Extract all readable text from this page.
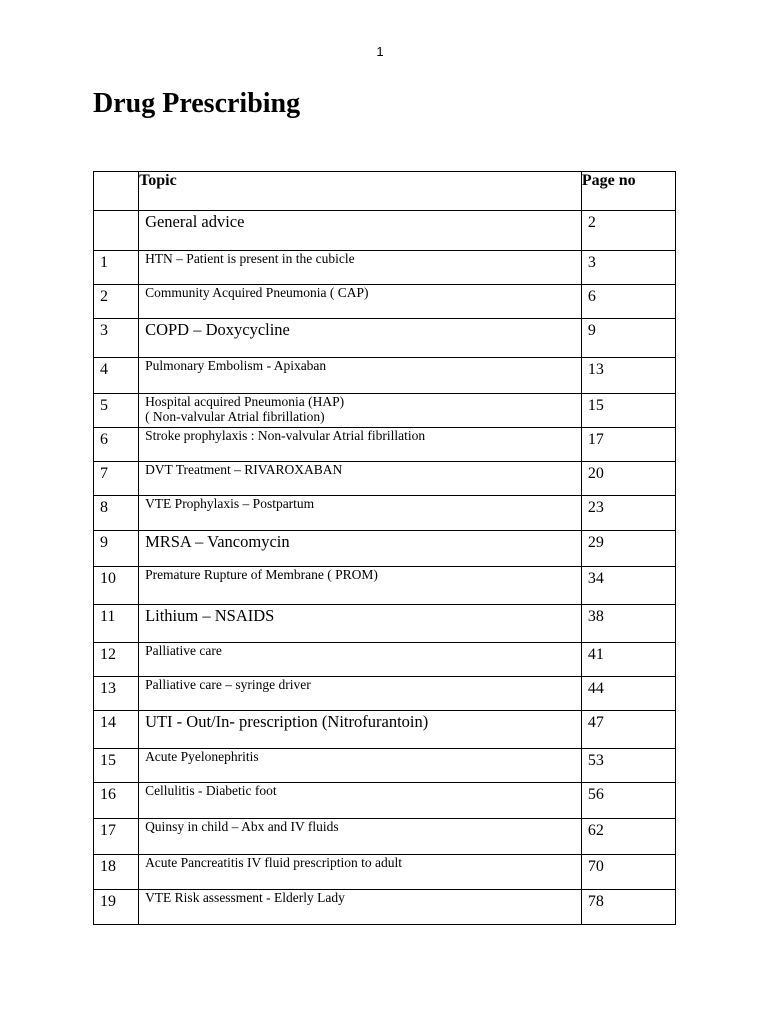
1
Drug Prescribing
	Topic	Page no

	General advice	2
1	HTN – Patient is present in the cubicle	3
2	Community Acquired Pneumonia ( CAP)	6
3	COPD – Doxycycline	9
4	Pulmonary Embolism - Apixaban	13
5	Hospital acquired Pneumonia (HAP)
( Non-valvular Atrial fibrillation)	15
6	Stroke prophylaxis : Non-valvular Atrial fibrillation	17
7	DVT Treatment – RIVAROXABAN	20
8	VTE Prophylaxis – Postpartum	23
9	MRSA – Vancomycin	29
10	Premature Rupture of Membrane ( PROM)	34
11	Lithium – NSAIDS	38
12	Palliative care	41
13	Palliative care – syringe driver	44
14	UTI - Out/In- prescription (Nitrofurantoin)	47
15	Acute Pyelonephritis	53
16	Cellulitis - Diabetic foot	56
17	Quinsy in child – Abx and IV fluids	62
18	Acute Pancreatitis IV fluid prescription to adult	70
19	VTE Risk assessment - Elderly Lady	78
